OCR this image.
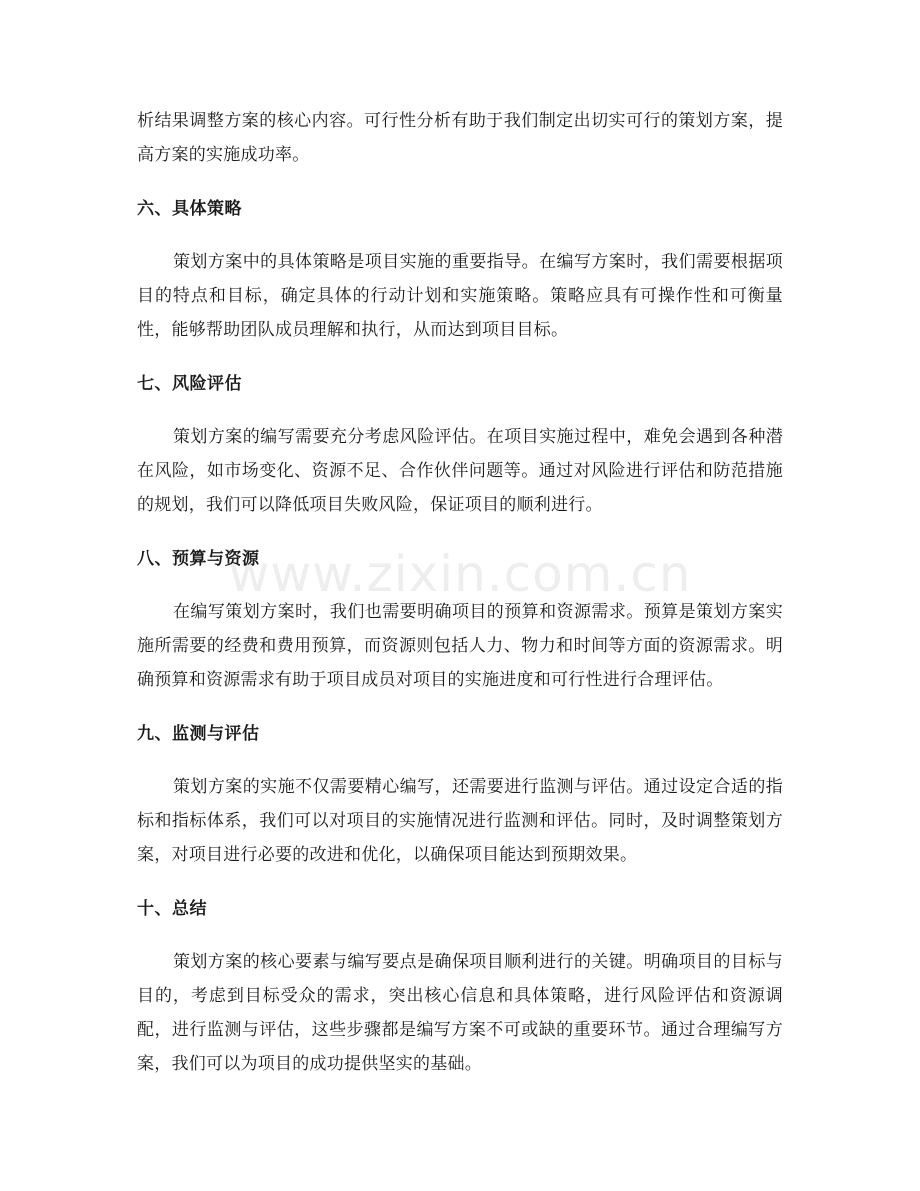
析结果调整方案的核心内容。可行性分析有助于我们制定出切实可行的策划方案，提高方案的实施成功率。

六、具体策略

策划方案中的具体策略是项目实施的重要指导。在编写方案时，我们需要根据项目的特点和目标，确定具体的行动计划和实施策略。策略应具有可操作性和可衡量性，能够帮助团队成员理解和执行，从而达到项目目标。

七、风险评估

策划方案的编写需要充分考虑风险评估。在项目实施过程中，难免会遇到各种潜在风险，如市场变化、资源不足、合作伙伴问题等。通过对风险进行评估和防范措施的规划，我们可以降低项目失败风险，保证项目的顺利进行。

八、预算与资源

在编写策划方案时，我们也需要明确项目的预算和资源需求。预算是策划方案实施所需要的经费和费用预算，而资源则包括人力、物力和时间等方面的资源需求。明确预算和资源需求有助于项目成员对项目的实施进度和可行性进行合理评估。

九、监测与评估

策划方案的实施不仅需要精心编写，还需要进行监测与评估。通过设定合适的指标和指标体系，我们可以对项目的实施情况进行监测和评估。同时，及时调整策划方案，对项目进行必要的改进和优化，以确保项目能达到预期效果。

十、总结

策划方案的核心要素与编写要点是确保项目顺利进行的关键。明确项目的目标与目的，考虑到目标受众的需求，突出核心信息和具体策略，进行风险评估和资源调配，进行监测与评估，这些步骤都是编写方案不可或缺的重要环节。通过合理编写方案，我们可以为项目的成功提供坚实的基础。

www.zixin.com.cn
